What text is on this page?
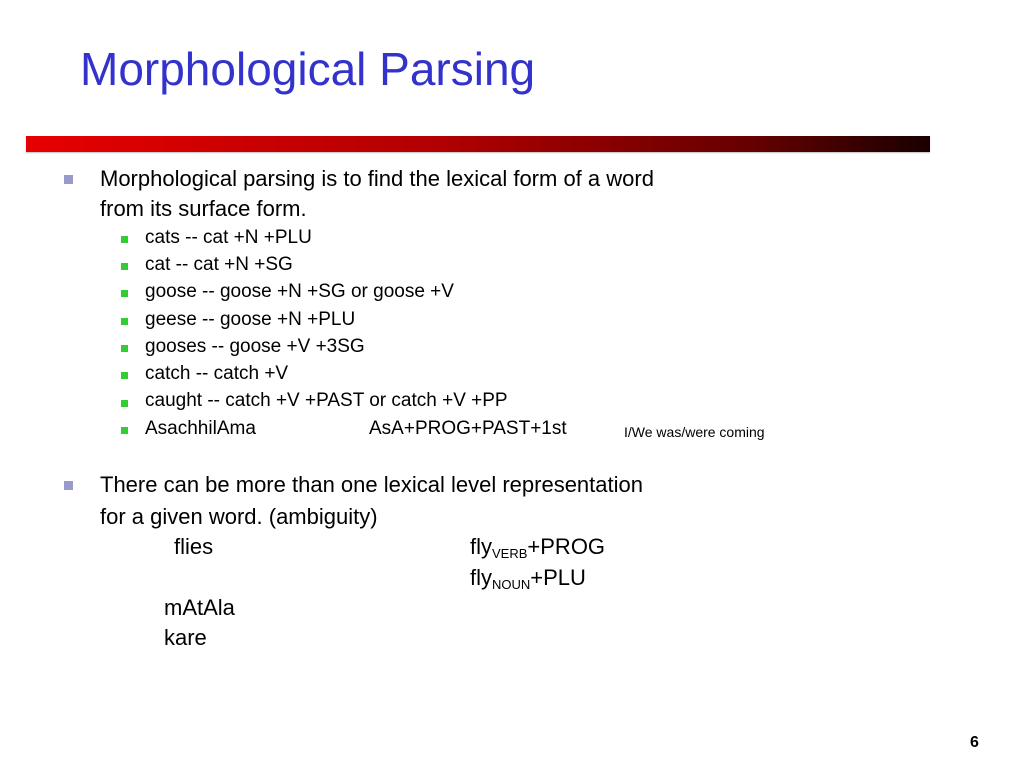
Morphological Parsing
Morphological parsing is to find the lexical form of a word
from its surface form.
cats -- cat +N +PLU
cat -- cat +N +SG
goose -- goose +N +SG or goose +V
geese -- goose +N +PLU
gooses -- goose +V +3SG
catch -- catch +V
caught -- catch +V +PAST or catch +V +PP
AsachhilAma	AsA+PROG+PAST+1st	I/We was/were coming
There can be more than one lexical level representation
for a given word. (ambiguity)
flies	fly$_{VERB}$+PROG
fly$_{NOUN}$+PLU
mAtAla
kare
6
